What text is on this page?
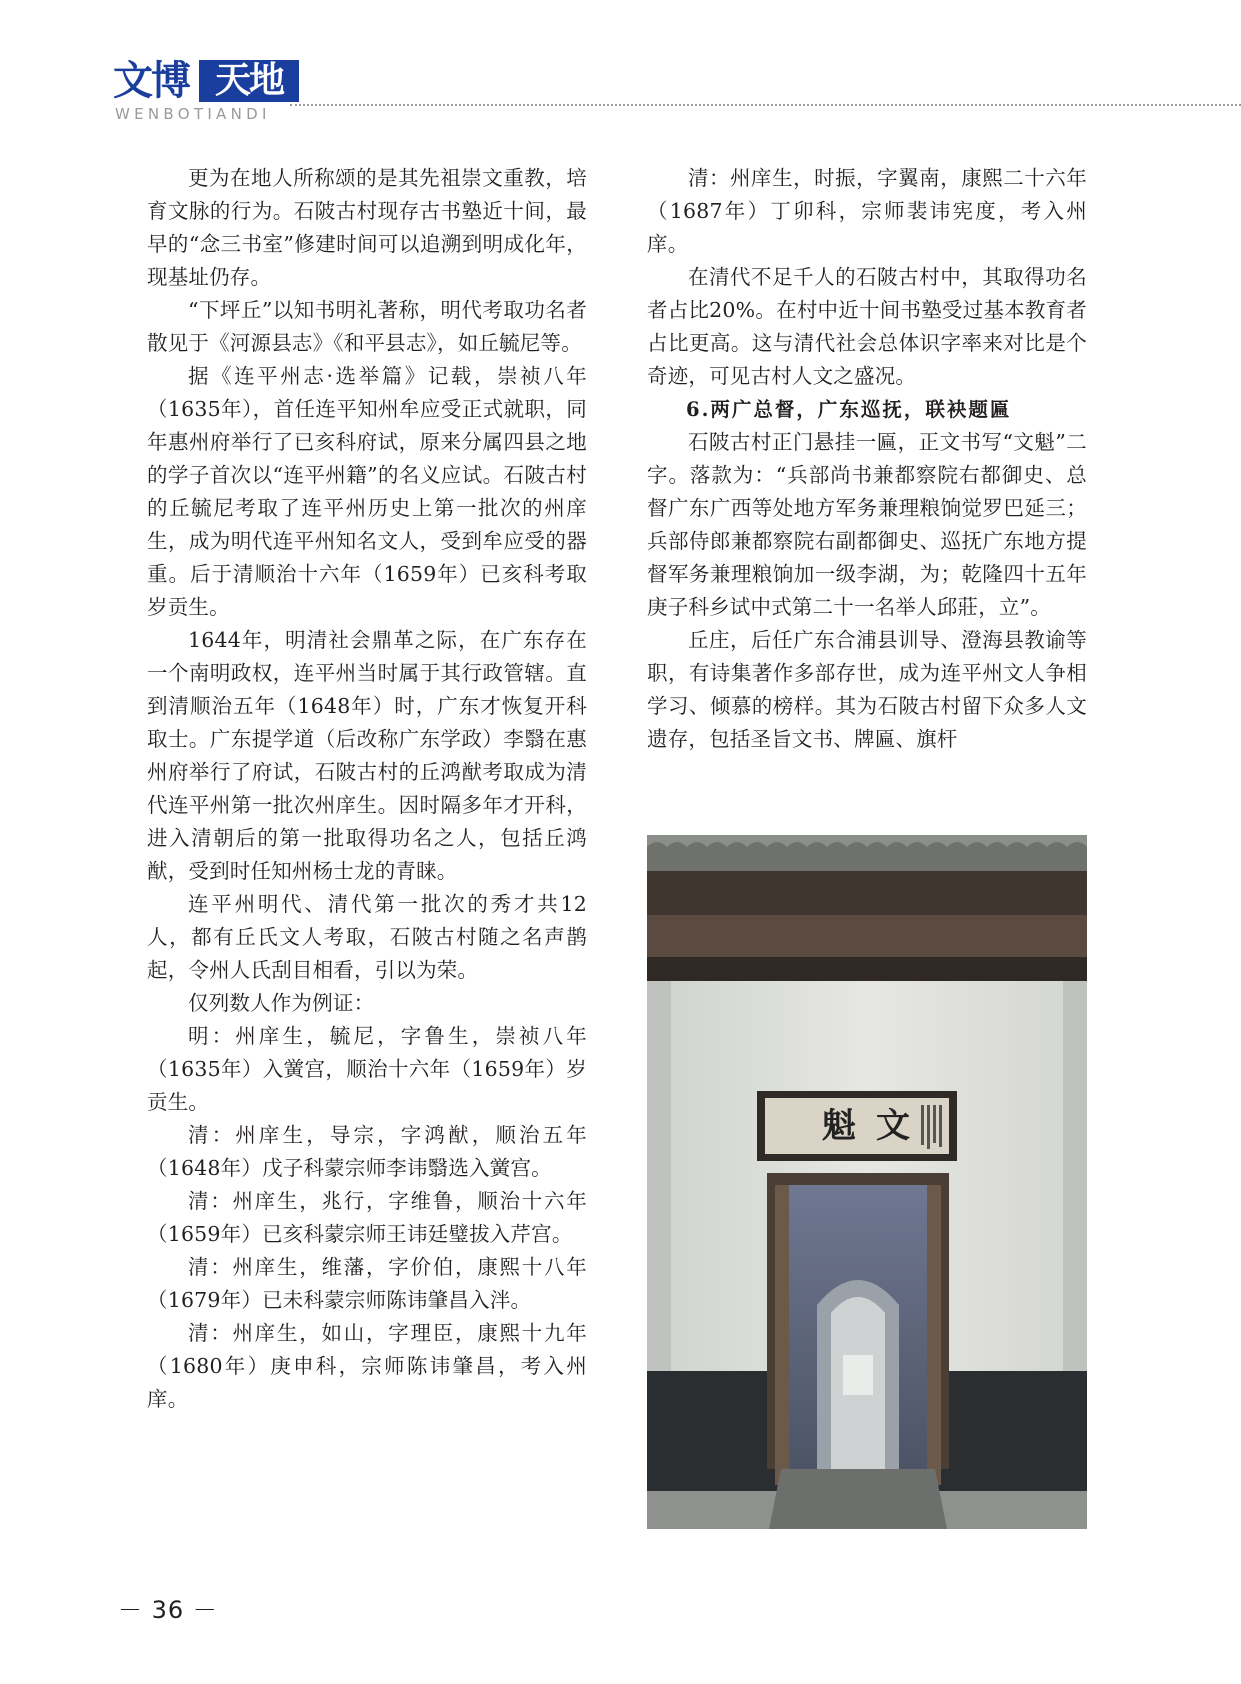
文博 天地
WENBOTIANDI

更为在地人所称颂的是其先祖崇文重教，培育文脉的行为。石陂古村现存古书塾近十间，最早的“念三书室”修建时间可以追溯到明成化年，现基址仍存。

“下坪丘”以知书明礼著称，明代考取功名者散见于《河源县志》《和平县志》，如丘毓尼等。

据《连平州志·选举篇》记载，崇祯八年（1635年），首任连平知州牟应受正式就职，同年惠州府举行了已亥科府试，原来分属四县之地的学子首次以“连平州籍”的名义应试。石陂古村的丘毓尼考取了连平州历史上第一批次的州庠生，成为明代连平州知名文人，受到牟应受的器重。后于清顺治十六年（1659年）已亥科考取岁贡生。

1644年，明清社会鼎革之际，在广东存在一个南明政权，连平州当时属于其行政管辖。直到清顺治五年（1648年）时，广东才恢复开科取士。广东提学道（后改称广东学政）李翳在惠州府举行了府试，石陂古村的丘鸿猷考取成为清代连平州第一批次州庠生。因时隔多年才开科，进入清朝后的第一批取得功名之人，包括丘鸿猷，受到时任知州杨士龙的青睐。

连平州明代、清代第一批次的秀才共12人，都有丘氏文人考取，石陂古村随之名声鹊起，令州人氏刮目相看，引以为荣。

仅列数人作为例证：

明：州庠生，毓尼，字鲁生，崇祯八年（1635年）入黉宫，顺治十六年（1659年）岁贡生。

清：州庠生，导宗，字鸿猷，顺治五年（1648年）戊子科蒙宗师李讳翳选入黉宫。

清：州庠生，兆行，字维鲁，顺治十六年（1659年）已亥科蒙宗师王讳廷璧拔入芹宫。

清：州庠生，维藩，字价伯，康熙十八年（1679年）已未科蒙宗师陈讳肇昌入泮。

清：州庠生，如山，字理臣，康熙十九年（1680年）庚申科，宗师陈讳肇昌，考入州庠。

清：州庠生，时振，字翼南，康熙二十六年（1687年）丁卯科，宗师裴讳宪度，考入州庠。

在清代不足千人的石陂古村中，其取得功名者占比20%。在村中近十间书塾受过基本教育者占比更高。这与清代社会总体识字率来对比是个奇迹，可见古村人文之盛况。

6.两广总督，广东巡抚，联袂题匾

石陂古村正门悬挂一匾，正文书写“文魁”二字。落款为：“兵部尚书兼都察院右都御史、总督广东广西等处地方军务兼理粮饷觉罗巴延三；兵部侍郎兼都察院右副都御史、巡抚广东地方提督军务兼理粮饷加一级李湖，为；乾隆四十五年庚子科乡试中式第二十一名举人邱莊，立”。

丘庄，后任广东合浦县训导、澄海县教谕等职，有诗集著作多部存世，成为连平州文人争相学习、倾慕的榜样。其为石陂古村留下众多人文遗存，包括圣旨文书、牌匾、旗杆

魁 文
－ 36 －
